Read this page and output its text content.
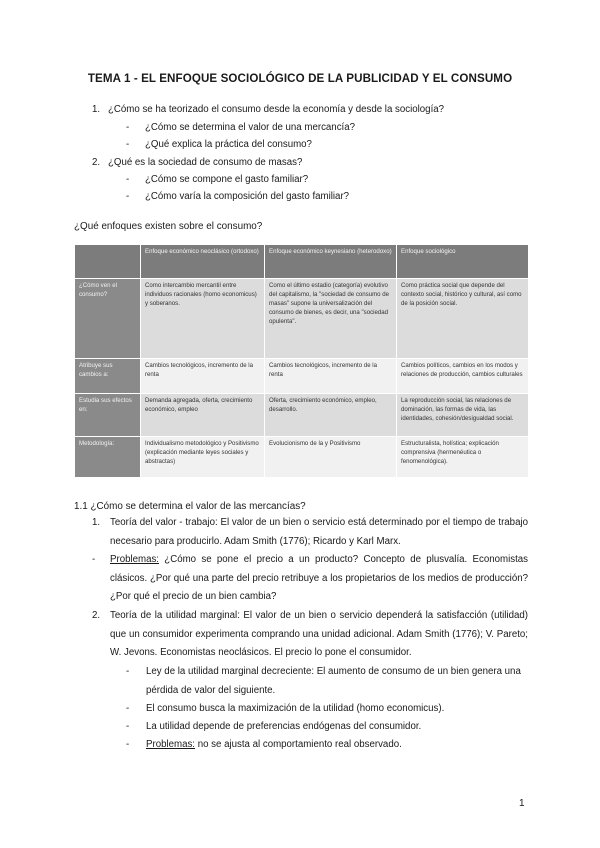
TEMA 1 - EL ENFOQUE SOCIOLÓGICO DE LA PUBLICIDAD Y EL CONSUMO
1. ¿Cómo se ha teorizado el consumo desde la economía y desde la sociología?
- ¿Cómo se determina el valor de una mercancía?
- ¿Qué explica la práctica del consumo?
2. ¿Qué es la sociedad de consumo de masas?
- ¿Cómo se compone el gasto familiar?
- ¿Cómo varía la composición del gasto familiar?
¿Qué enfoques existen sobre el consumo?
	Enfoque económico neoclásico (ortodoxo)	Enfoque económico keynesiano (heterodoxo)	Enfoque sociológico
¿Cómo ven el consumo?	Como intercambio mercantil entre individuos racionales (homo economicus) y soberanos.	Como el último estadio (categoría) evolutivo del capitalismo, la "sociedad de consumo de masas" supone la universalización del consumo de bienes, es decir, una "sociedad opulenta".	Como práctica social que depende del contexto social, histórico y cultural, así como de la posición social.
Atribuye sus cambios a:	Cambios tecnológicos, incremento de la renta	Cambios tecnológicos, incremento de la renta	Cambios políticos, cambios en los modos y relaciones de producción, cambios culturales
Estudia sus efectos en:	Demanda agregada, oferta, crecimiento económico, empleo	Oferta, crecimiento económico, empleo, desarrollo.	La reproducción social, las relaciones de dominación, las formas de vida, las identidades, cohesión/desigualdad social.
Metodología:	Individualismo metodológico y Positivismo (explicación mediante leyes sociales y abstractas)	Evolucionismo de la y Positivismo	Estructuralista, holística; explicación comprensiva (hermenéutica o fenomenológica).
1.1 ¿Cómo se determina el valor de las mercancías?
1. Teoría del valor - trabajo: El valor de un bien o servicio está determinado por el tiempo de trabajo necesario para producirlo. Adam Smith (1776); Ricardo y Karl Marx.
- Problemas: ¿Cómo se pone el precio a un producto? Concepto de plusvalía. Economistas clásicos. ¿Por qué una parte del precio retribuye a los propietarios de los medios de producción? ¿Por qué el precio de un bien cambia?
2. Teoría de la utilidad marginal: El valor de un bien o servicio dependerá la satisfacción (utilidad) que un consumidor experimenta comprando una unidad adicional. Adam Smith (1776); V. Pareto; W. Jevons. Economistas neoclásicos. El precio lo pone el consumidor.
- Ley de la utilidad marginal decreciente: El aumento de consumo de un bien genera una pérdida de valor del siguiente.
- El consumo busca la maximización de la utilidad (homo economicus).
- La utilidad depende de preferencias endógenas del consumidor.
- Problemas: no se ajusta al comportamiento real observado.
1
